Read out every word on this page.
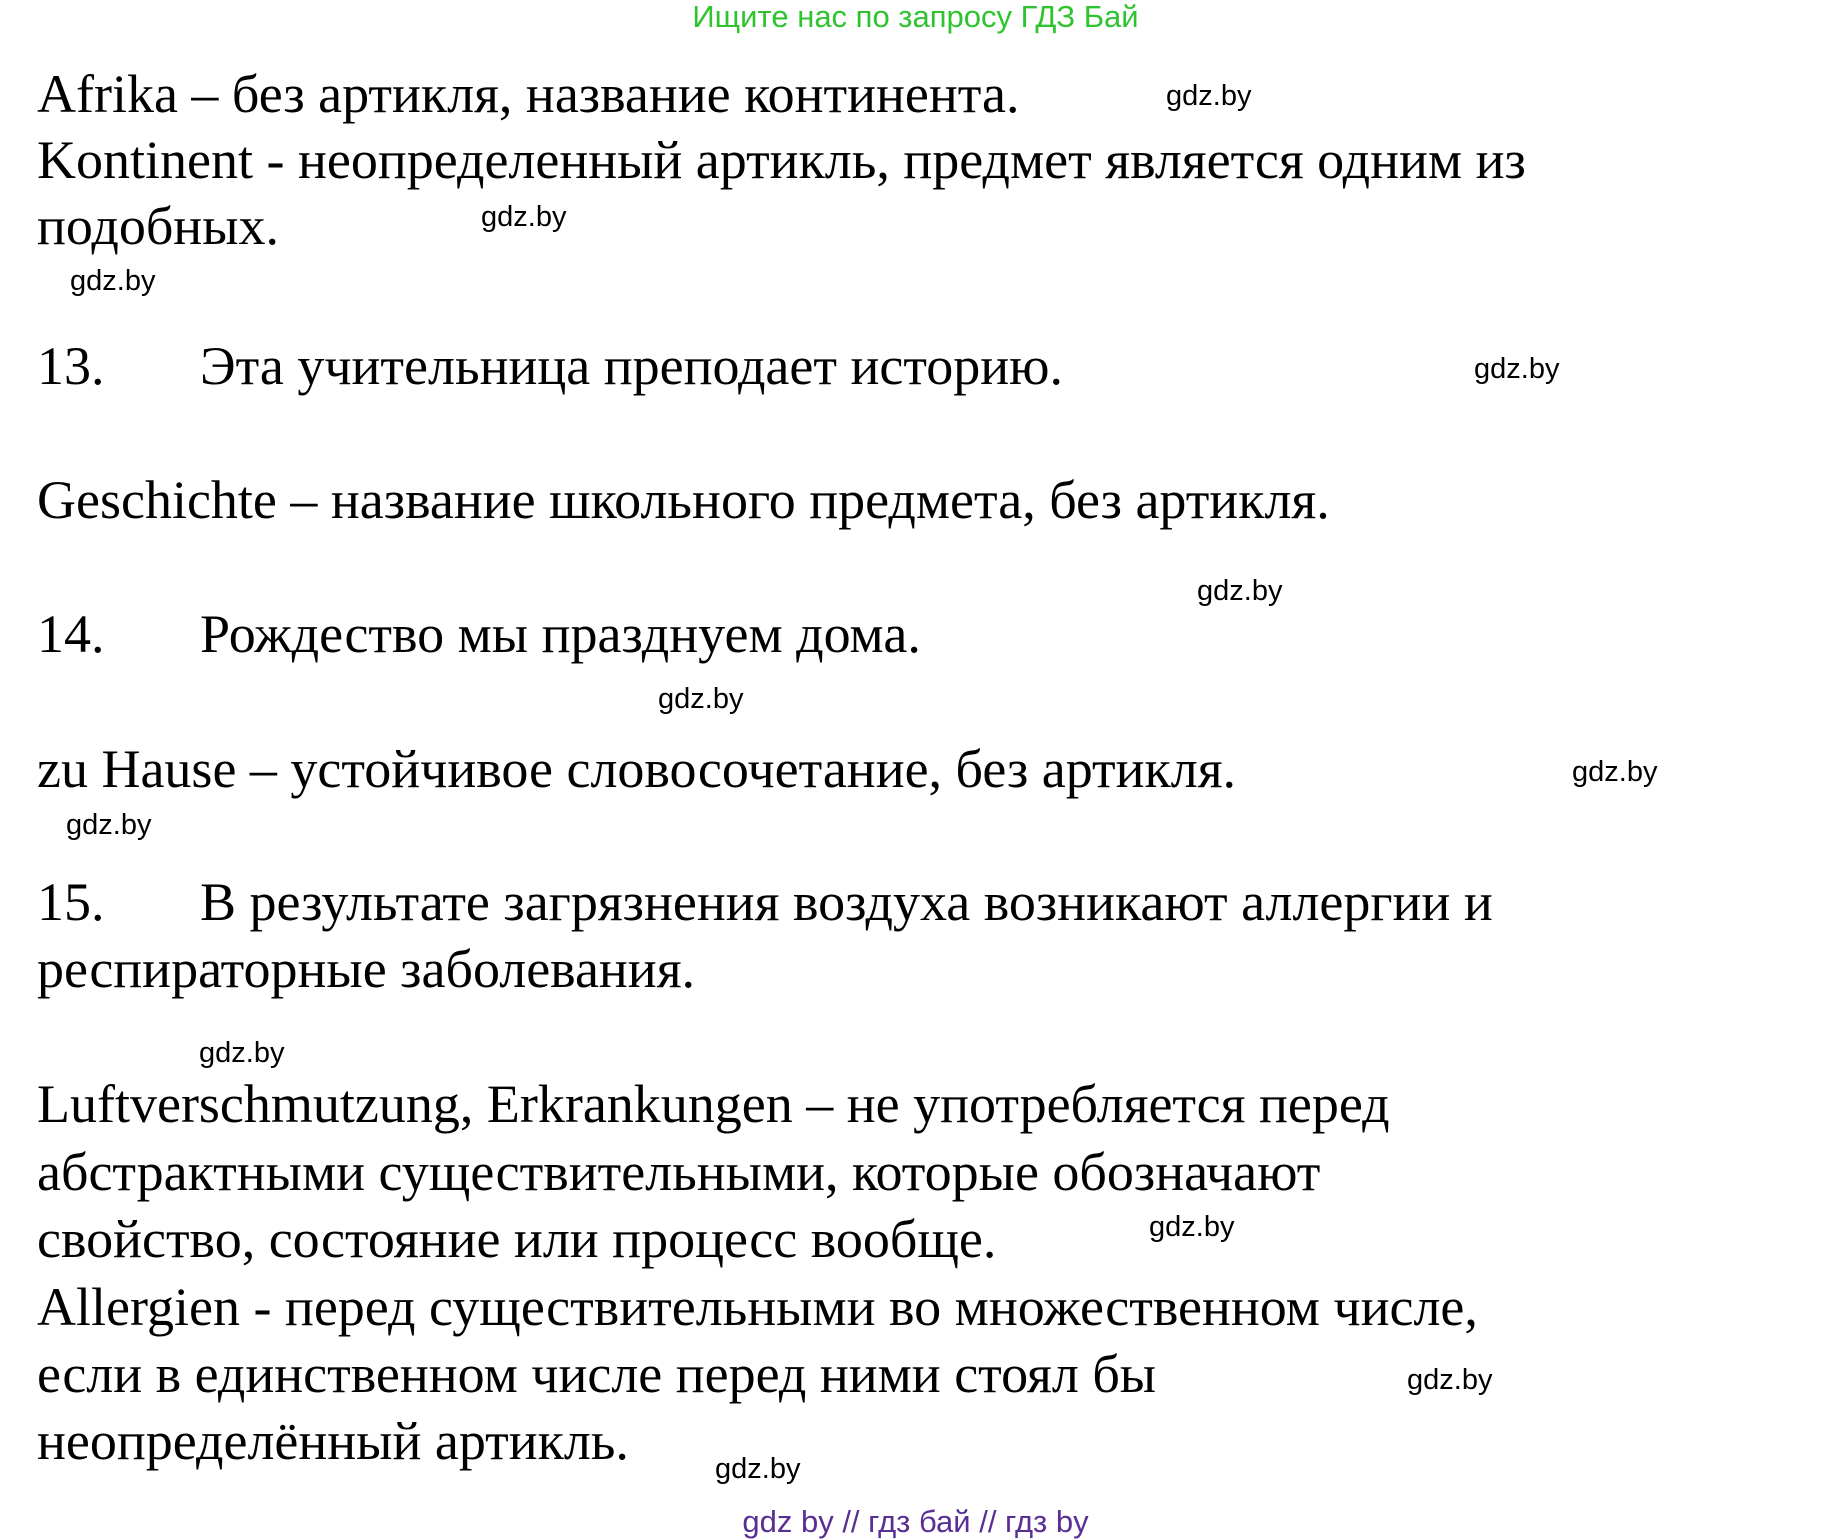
Ищите нас по запросу ГДЗ Бай
Afrika – без артикля, название континента.
Kontinent - неопределенный артикль, предмет является одним из
подобных.
13. Эта учительница преподает историю.
Geschichte – название школьного предмета, без артикля.
14. Рождество мы празднуем дома.
zu Hause – устойчивое словосочетание, без артикля.
15. В результате загрязнения воздуха возникают аллергии и
респираторные заболевания.
Luftverschmutzung, Erkrankungen – не употребляется перед
абстрактными существительными, которые обозначают
свойство, состояние или процесс вообще.
Allergien - перед существительными во множественном числе,
если в единственном числе перед ними стоял бы
неопределённый артикль.
gdz.by
gdz.by
gdz.by
gdz.by
gdz.by
gdz.by
gdz.by
gdz.by
gdz.by
gdz.by
gdz.by
gdz.by
gdz by // гдз бай // гдз by
